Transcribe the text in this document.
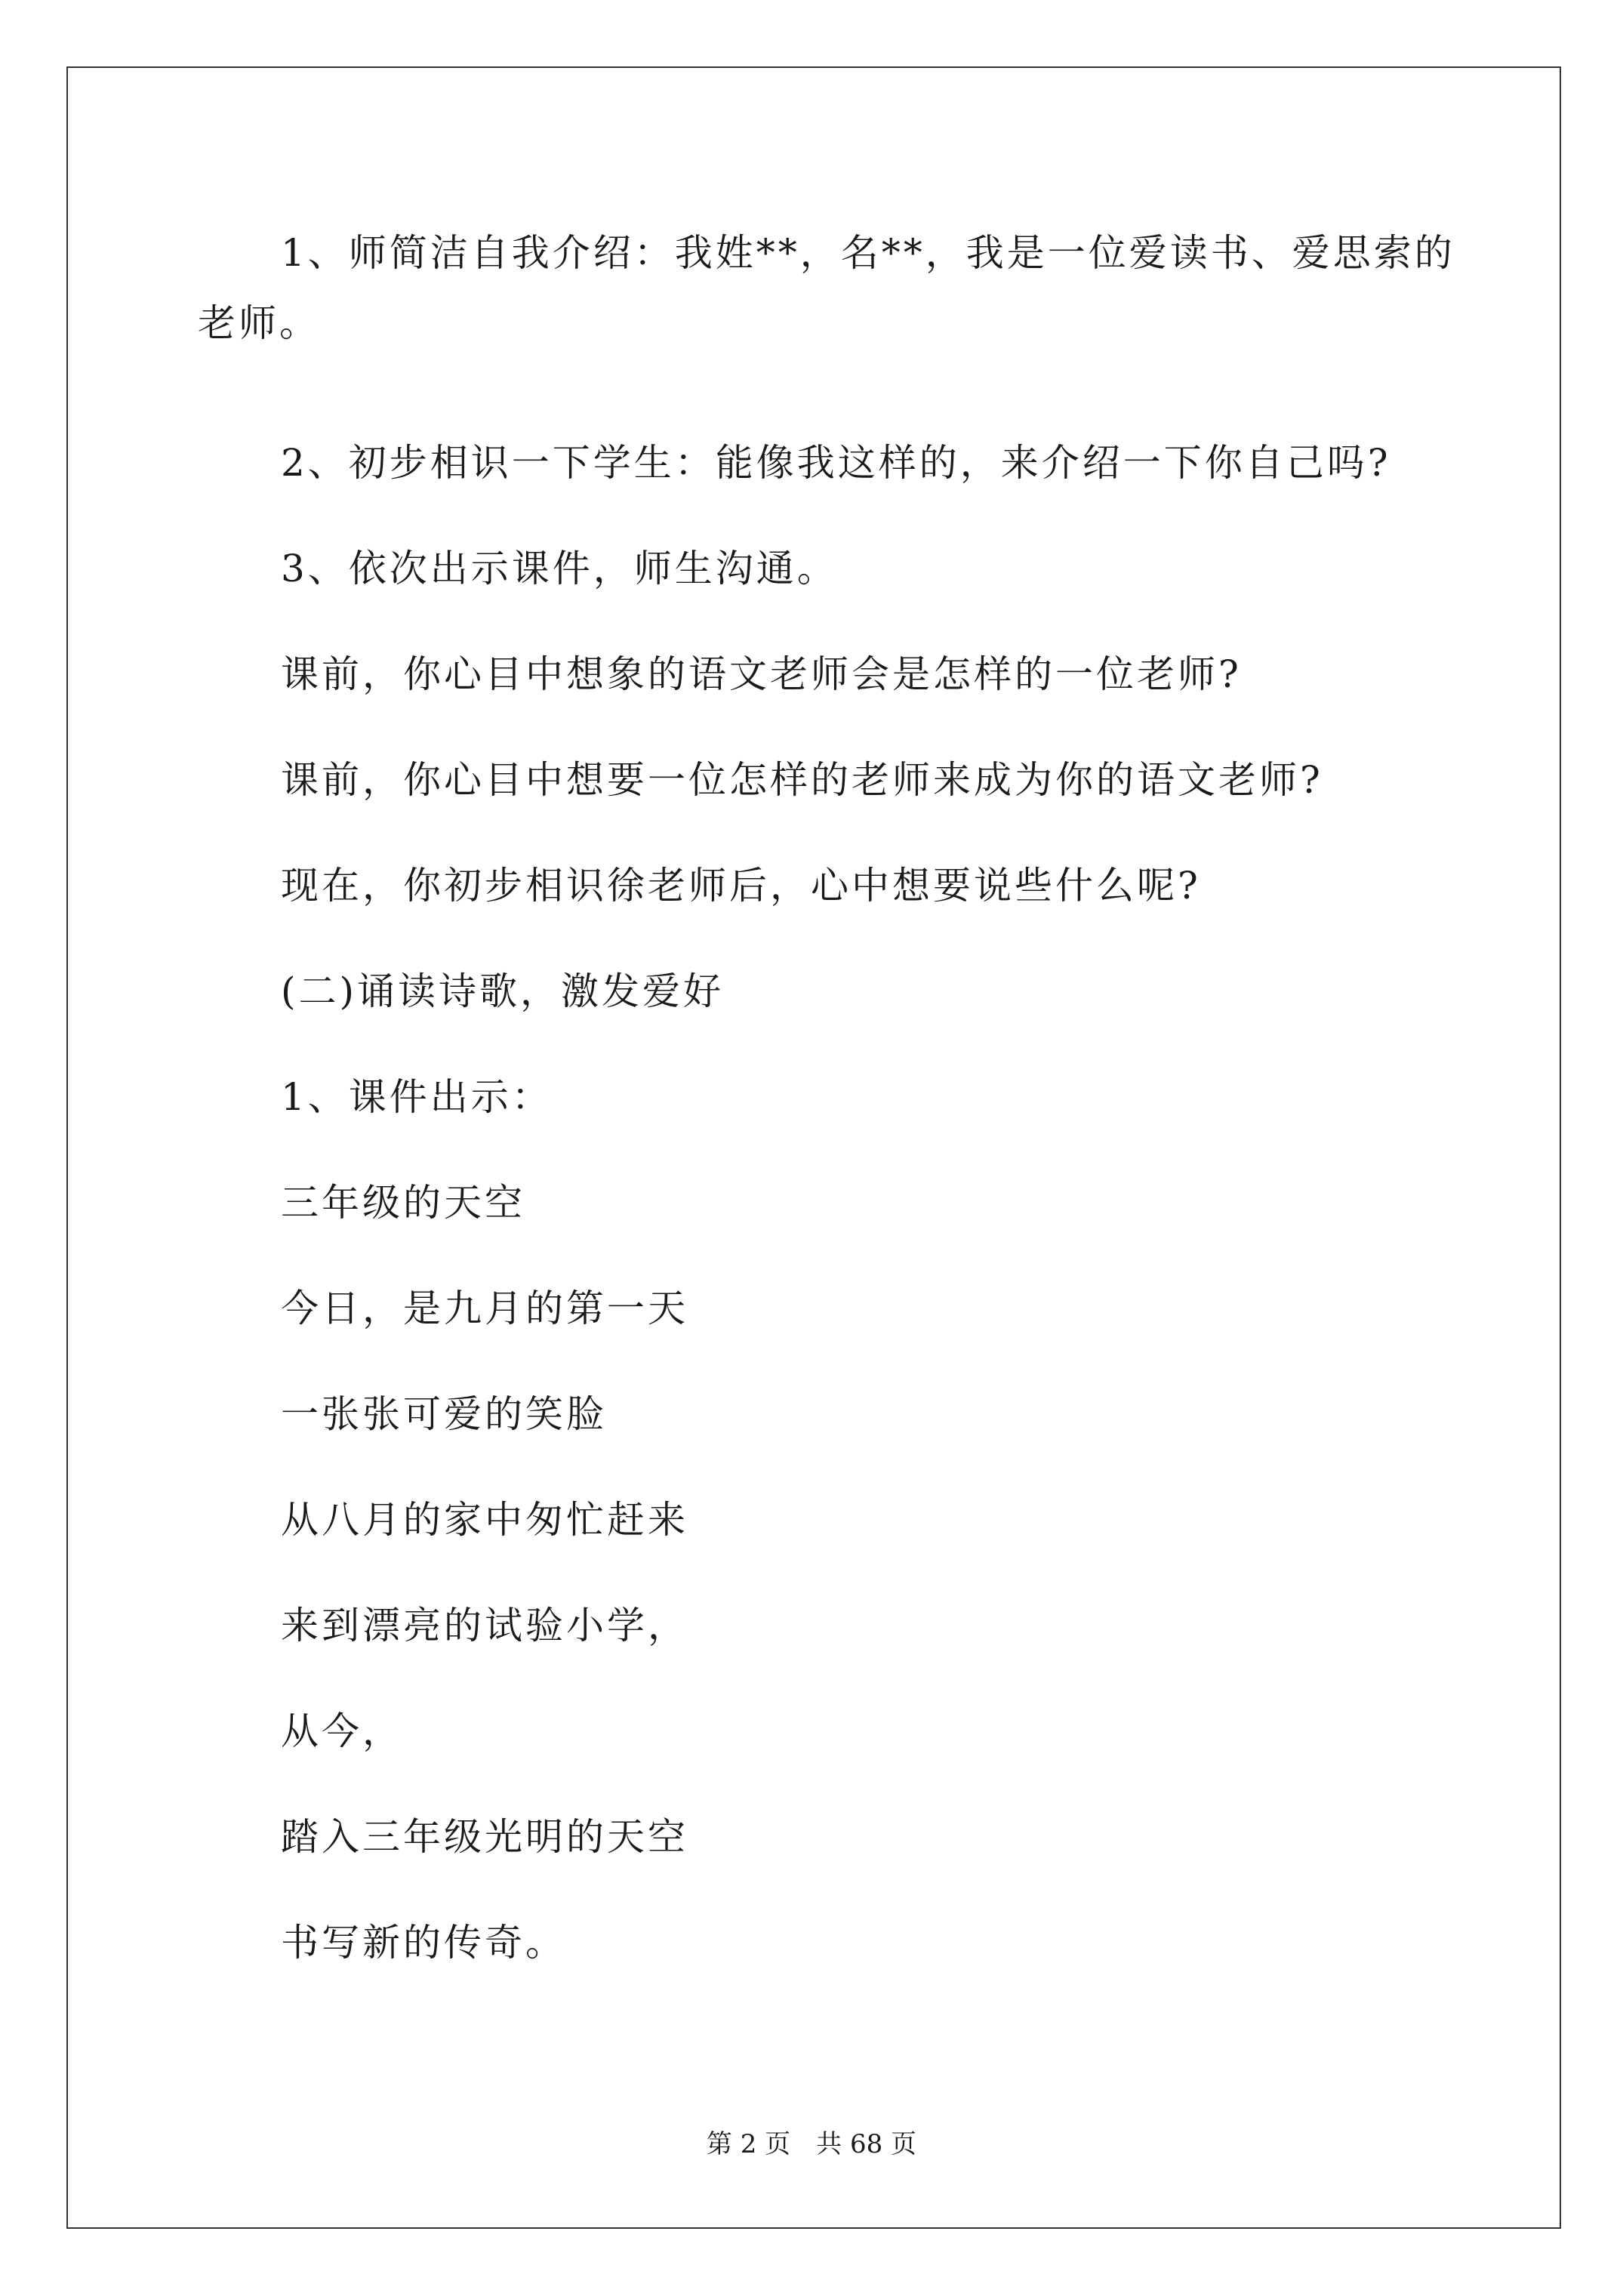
1、师简洁自我介绍：我姓**，名**，我是一位爱读书、爱思索的
老师。
2、初步相识一下学生：能像我这样的，来介绍一下你自己吗?
3、依次出示课件，师生沟通。
课前，你心目中想象的语文老师会是怎样的一位老师?
课前，你心目中想要一位怎样的老师来成为你的语文老师?
现在，你初步相识徐老师后，心中想要说些什么呢?
(二)诵读诗歌，激发爱好
1、课件出示：
三年级的天空
今日，是九月的第一天
一张张可爱的笑脸
从八月的家中匆忙赶来
来到漂亮的试验小学，
从今，
踏入三年级光明的天空
书写新的传奇。
第 2 页　共 68 页
